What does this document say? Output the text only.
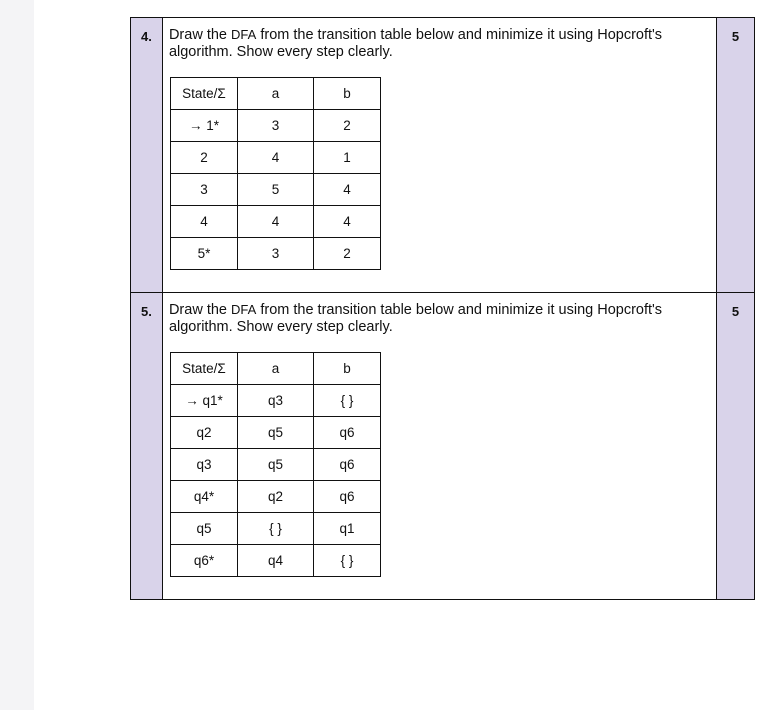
4.	Draw the DFA from the transition table below and minimize it using Hopcroft's algorithm. Show every step clearly.

State/Σ	a	b
→ 1*	3	2
2	4	1
3	5	4
4	4	4
5*	3	2
5
5.	Draw the DFA from the transition table below and minimize it using Hopcroft's algorithm. Show every step clearly.

State/Σ	a	b
→ q1*	q3	{ }
q2	q5	q6
q3	q5	q6
q4*	q2	q6
q5	{ }	q1
q6*	q4	{ }
5
